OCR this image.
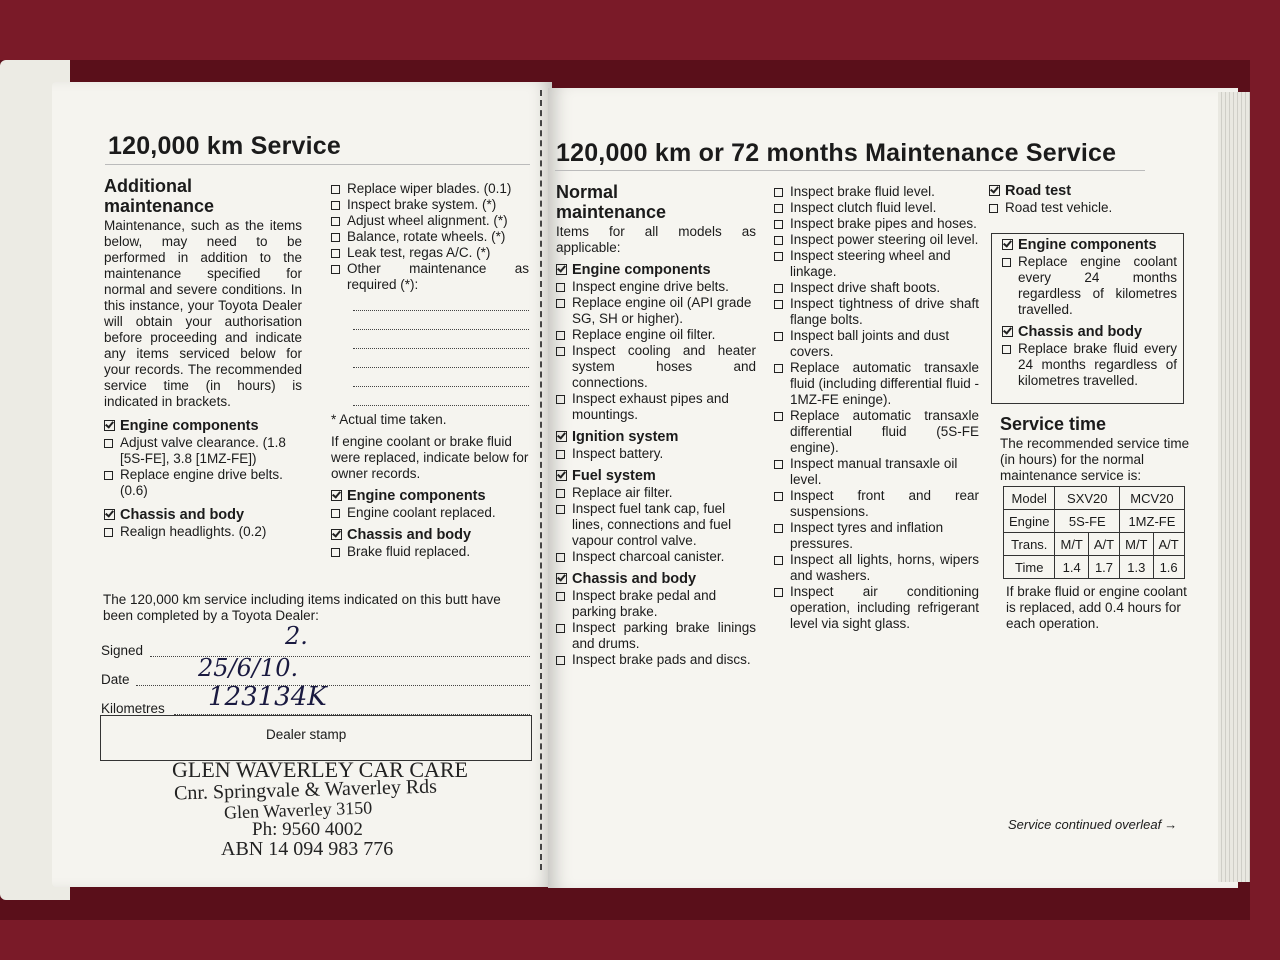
120,000 km Service
Additional maintenance
Maintenance, such as the items below, may need to be performed in addition to the maintenance specified for normal and severe conditions. In this instance, your Toyota Dealer will obtain your authorisation before proceeding and indicate any items serviced below for your records. The recommended service time (in hours) is indicated in brackets.
Engine components
Adjust valve clearance. (1.8 [5S-FE], 3.8 [1MZ-FE])
Replace engine drive belts. (0.6)
Chassis and body
Realign headlights. (0.2)
Replace wiper blades. (0.1)
Inspect brake system. (*)
Adjust wheel alignment. (*)
Balance, rotate wheels. (*)
Leak test, regas A/C. (*)
Other maintenance as required (*):
* Actual time taken.
If engine coolant or brake fluid were replaced, indicate below for owner records.
Engine components
Engine coolant replaced.
Chassis and body
Brake fluid replaced.
The 120,000 km service including items indicated on this butt have been completed by a Toyota Dealer:
Signed
2.
Date	25/6/10.
Kilometres 123134K
Dealer stamp
GLEN WAVERLEY CAR CARE
Cnr. Springvale & Waverley Rds
Glen Waverley 3150
Ph: 9560 4002
ABN 14 094 983 776
120,000 km or 72 months Maintenance Service
Normal maintenance
Items for all models as applicable:
Engine components
Inspect engine drive belts.
Replace engine oil (API grade SG, SH or higher).
Replace engine oil filter.
Inspect cooling and heater system hoses and connections.
Inspect exhaust pipes and mountings.
Ignition system
Inspect battery.
Fuel system
Replace air filter.
Inspect fuel tank cap, fuel lines, connections and fuel vapour control valve.
Inspect charcoal canister.
Chassis and body
Inspect brake pedal and parking brake.
Inspect parking brake linings and drums.
Inspect brake pads and discs.
Inspect brake fluid level.
Inspect clutch fluid level.
Inspect brake pipes and hoses.
Inspect power steering oil level.
Inspect steering wheel and linkage.
Inspect drive shaft boots.
Inspect tightness of drive shaft flange bolts.
Inspect ball joints and dust covers.
Replace automatic transaxle fluid (including differential fluid - 1MZ-FE eninge).
Replace automatic transaxle differential fluid (5S-FE engine).
Inspect manual transaxle oil level.
Inspect front and rear suspensions.
Inspect tyres and inflation pressures.
Inspect all lights, horns, wipers and washers.
Inspect air conditioning operation, including refrigerant level via sight glass.
Road test
Road test vehicle.
Engine components
Replace engine coolant every 24 months regardless of kilometres travelled.
Chassis and body
Replace brake fluid every 24 months regardless of kilometres travelled.
Service time
The recommended service time (in hours) for the normal maintenance service is:
Model	SXV20		MCV20	
Engine	5S-FE		1MZ-FE	
Trans.	M/T	A/T	M/T	A/T
Time	1.4	1.7	1.3	1.6
If brake fluid or engine coolant is replaced, add 0.4 hours for each operation.
Service continued overleaf →
